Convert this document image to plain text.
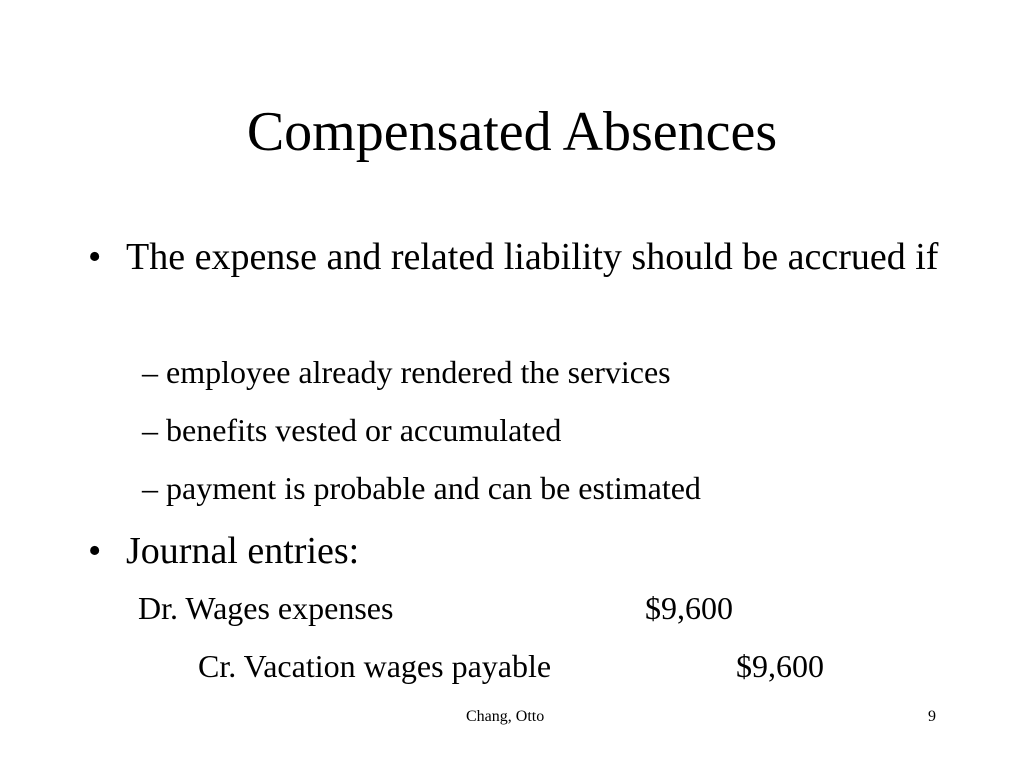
Compensated Absences
• The expense and related liability should be accrued if
– employee already rendered the services
– benefits vested or accumulated
– payment is probable and can be estimated
• Journal entries:
Dr. Wages expenses	$9,600
Cr. Vacation wages payable	$9,600
Chang, Otto	9
